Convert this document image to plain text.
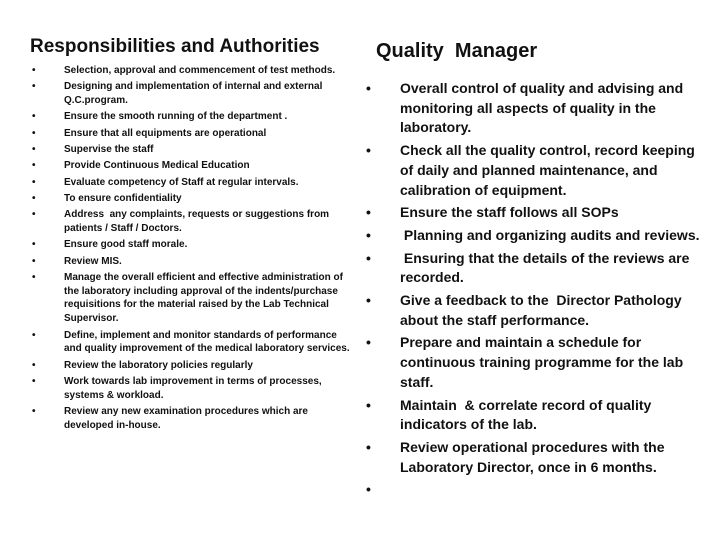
Responsibilities and Authorities
•	Selection, approval and commencement of test methods.
•	Designing and implementation of internal and external Q.C.program.
•	Ensure the smooth running of the department .
•	Ensure that all equipments are operational
•	Supervise the staff
•	Provide Continuous Medical Education
•	Evaluate competency of Staff at regular intervals.
•	To ensure confidentiality
•	Address  any complaints, requests or suggestions from patients / Staff / Doctors.
•	Ensure good staff morale.
•	Review MIS.
•	Manage the overall efficient and effective administration of the laboratory including approval of the indents/purchase requisitions for the material raised by the Lab Technical Supervisor.
•	Define, implement and monitor standards of performance and quality improvement of the medical laboratory services.
•	Review the laboratory policies regularly
•	Work towards lab improvement in terms of processes, systems & workload.
•	Review any new examination procedures which are developed in-house.
Quality  Manager
• Overall control of quality and advising and monitoring all aspects of quality in the laboratory.
• Check all the quality control, record keeping of daily and planned maintenance, and calibration of equipment.
• Ensure the staff follows all SOPs
• Planning and organizing audits and reviews.
• Ensuring that the details of the reviews are recorded.
• Give a feedback to the  Director Pathology about the staff performance.
• Prepare and maintain a schedule for continuous training programme for the lab staff.
• Maintain  & correlate record of quality indicators of the lab.
• Review operational procedures with the Laboratory Director, once in 6 months.
•
